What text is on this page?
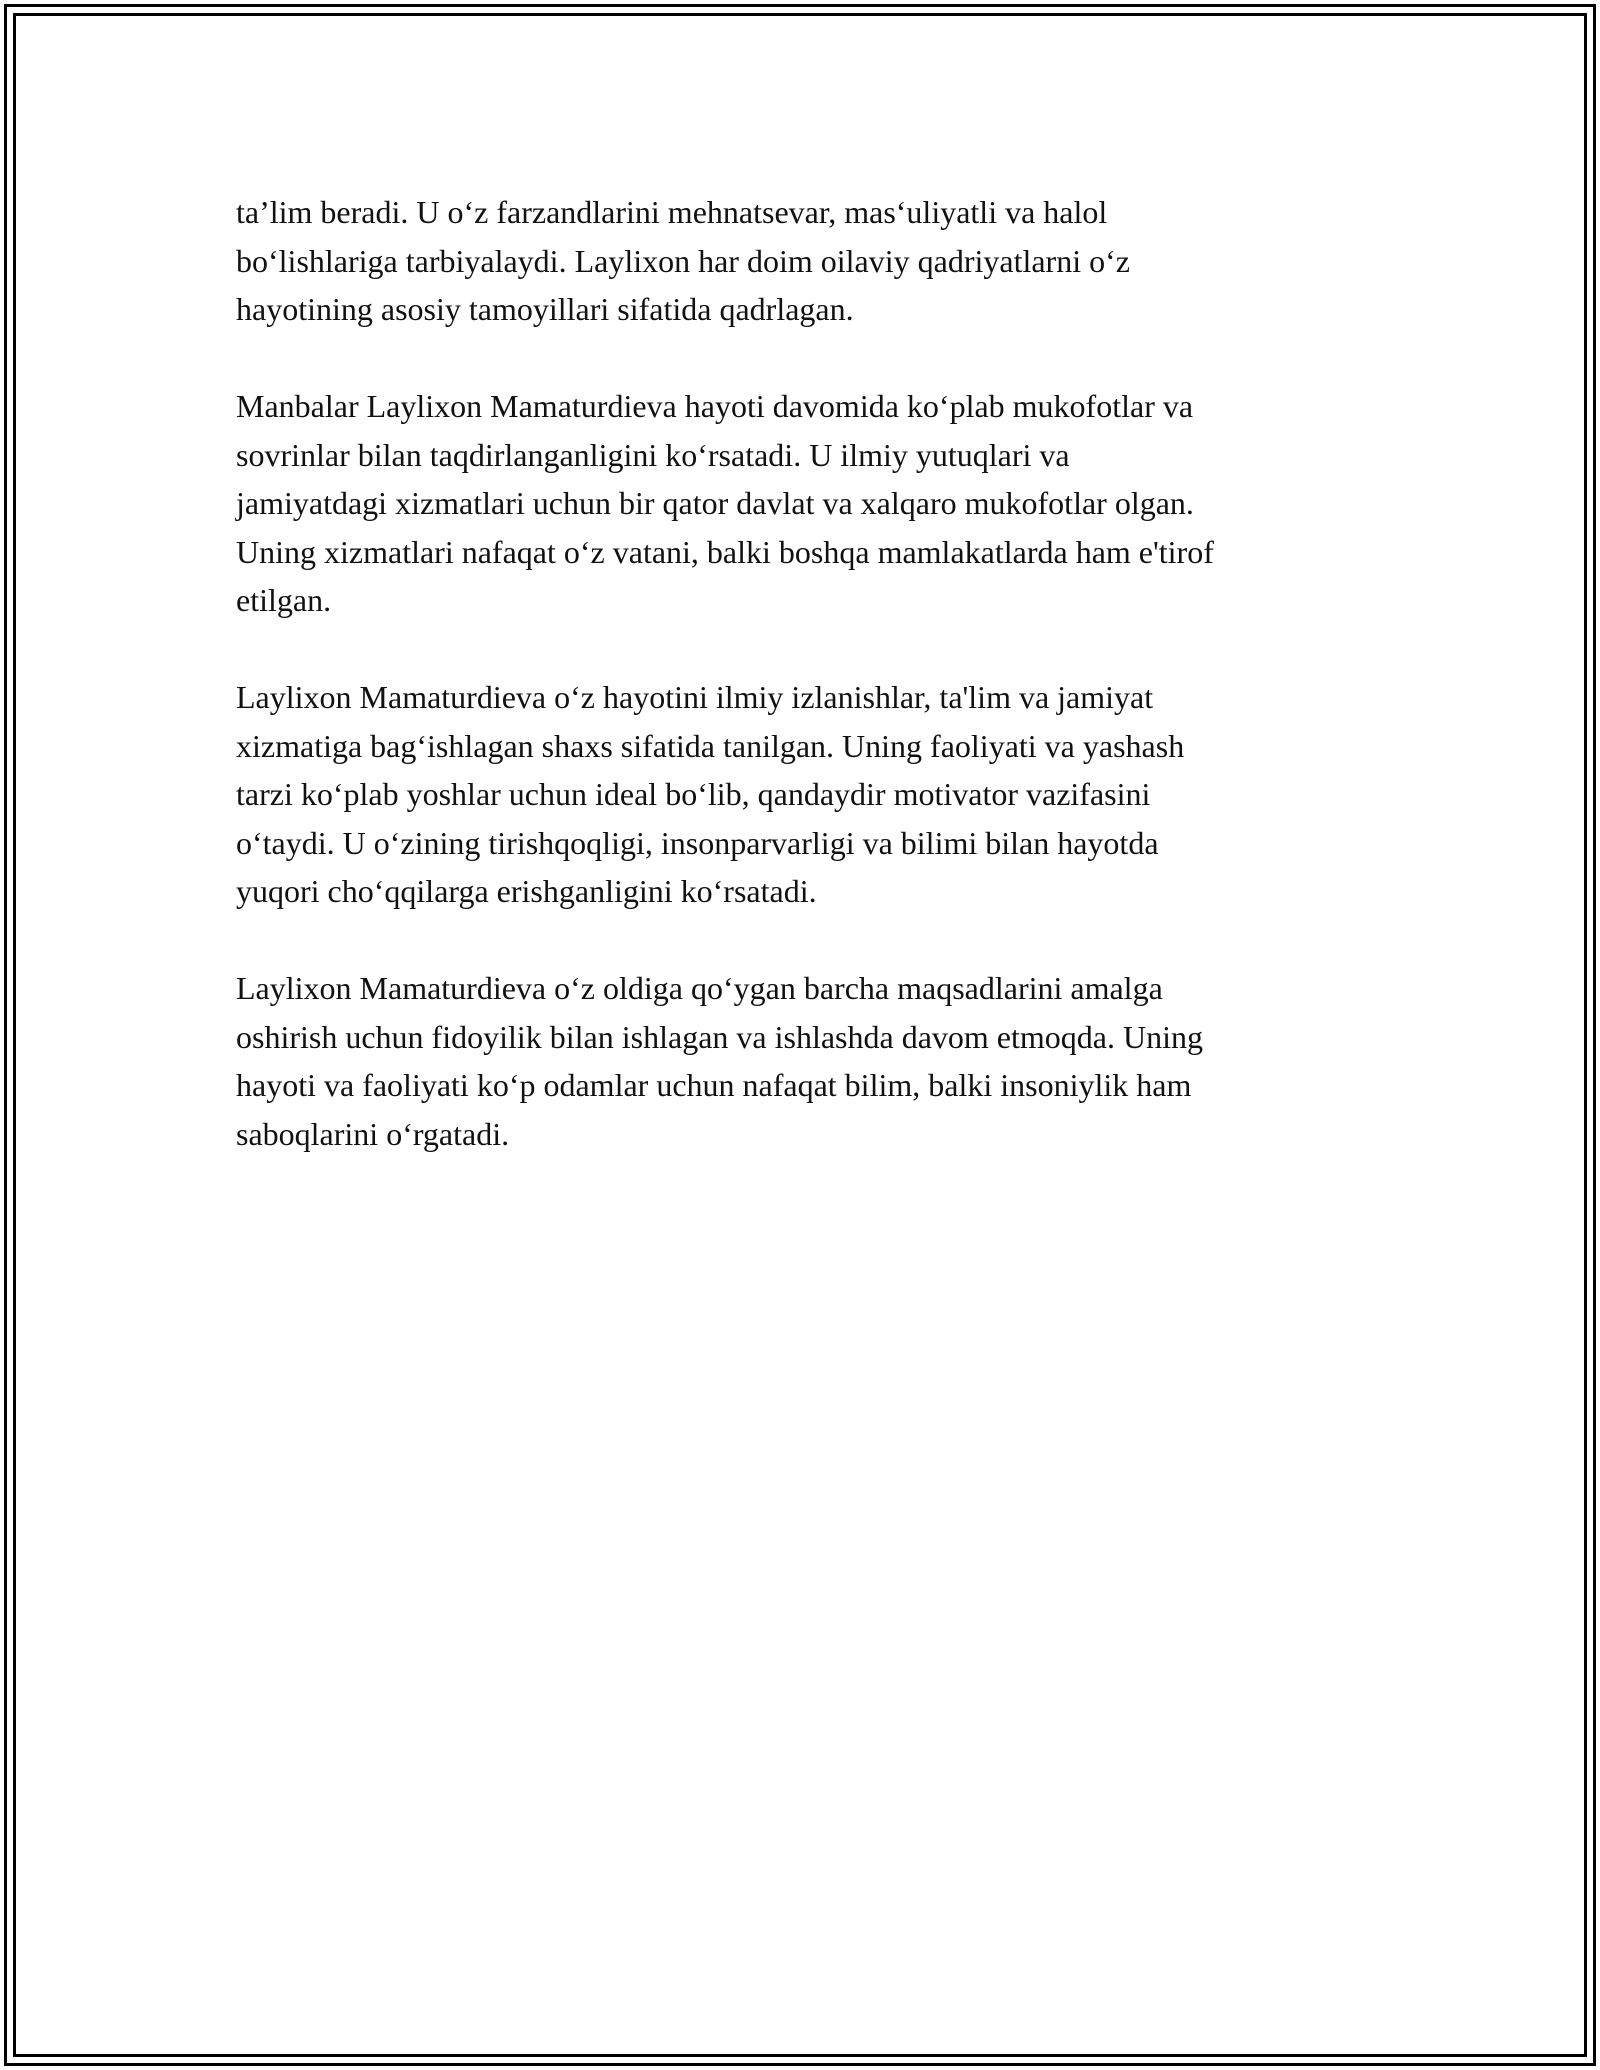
ta’lim beradi. U o‘z farzandlarini mehnatsevar, mas‘uliyatli va halol
bo‘lishlariga tarbiyalaydi. Laylixon har doim oilaviy qadriyatlarni o‘z
hayotining asosiy tamoyillari sifatida qadrlagan.

Manbalar Laylixon Mamaturdieva hayoti davomida ko‘plab mukofotlar va
sovrinlar bilan taqdirlanganligini ko‘rsatadi. U ilmiy yutuqlari va
jamiyatdagi xizmatlari uchun bir qator davlat va xalqaro mukofotlar olgan.
Uning xizmatlari nafaqat o‘z vatani, balki boshqa mamlakatlarda ham e'tirof
etilgan.

Laylixon Mamaturdieva o‘z hayotini ilmiy izlanishlar, ta'lim va jamiyat
xizmatiga bag‘ishlagan shaxs sifatida tanilgan. Uning faoliyati va yashash
tarzi ko‘plab yoshlar uchun ideal bo‘lib, qandaydir motivator vazifasini
o‘taydi. U o‘zining tirishqoqligi, insonparvarligi va bilimi bilan hayotda
yuqori cho‘qqilarga erishganligini ko‘rsatadi.

Laylixon Mamaturdieva o‘z oldiga qo‘ygan barcha maqsadlarini amalga
oshirish uchun fidoyilik bilan ishlagan va ishlashda davom etmoqda. Uning
hayoti va faoliyati ko‘p odamlar uchun nafaqat bilim, balki insoniylik ham
saboqlarini o‘rgatadi.
